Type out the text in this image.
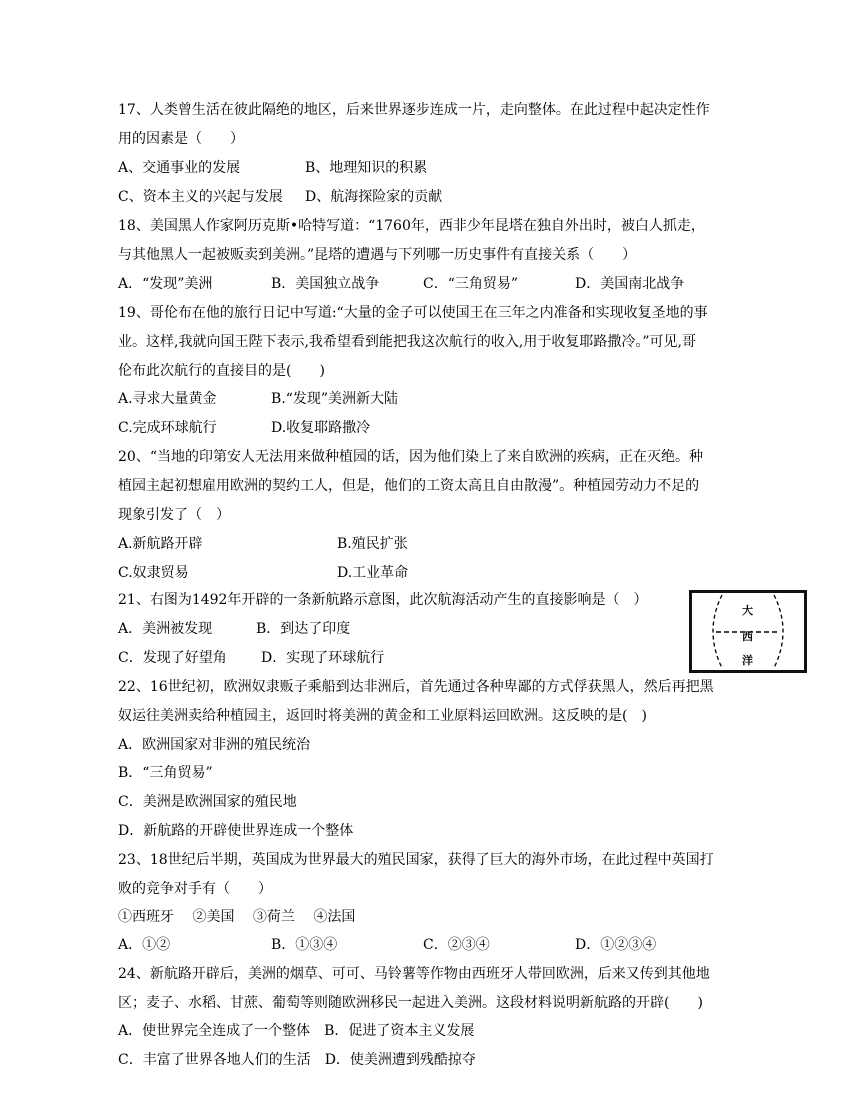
17、人类曾生活在彼此隔绝的地区，后来世界逐步连成一片，走向整体。在此过程中起决定性作
用的因素是（　　）
A、交通事业的发展	B、地理知识的积累
C、资本主义的兴起与发展 D、航海探险家的贡献
18、美国黑人作家阿历克斯•哈特写道：“1760年，西非少年昆塔在独自外出时，被白人抓走，
与其他黑人一起被贩卖到美洲。”昆塔的遭遇与下列哪一历史事件有直接关系（　　）
A．“发现”美洲	B．美国独立战争	C．“三角贸易”	D．美国南北战争
19、哥伦布在他的旅行日记中写道:“大量的金子可以使国王在三年之内准备和实现收复圣地的事
业。这样,我就向国王陛下表示,我希望看到能把我这次航行的收入,用于收复耶路撒冷。”可见,哥
伦布此次航行的直接目的是(　　)
A.寻求大量黄金	B.“发现”美洲新大陆
C.完成环球航行	D.收复耶路撒冷
20、“当地的印第安人无法用来做种植园的话，因为他们染上了来自欧洲的疾病，正在灭绝。种
植园主起初想雇用欧洲的契约工人，但是，他们的工资太高且自由散漫”。种植园劳动力不足的
现象引发了（　）
A.新航路开辟	B.殖民扩张
C.奴隶贸易	D.工业革命
21、右图为1492年开辟的一条新航路示意图，此次航海活动产生的直接影响是（　）
A．美洲被发现	B．到达了印度
C．发现了好望角 D．实现了环球航行
大
西
洋
22、16世纪初，欧洲奴隶贩子乘船到达非洲后，首先通过各种卑鄙的方式俘获黑人，然后再把黑
奴运往美洲卖给种植园主，返回时将美洲的黄金和工业原料运回欧洲。这反映的是(　)
A．欧洲国家对非洲的殖民统治
B．“三角贸易”
C．美洲是欧洲国家的殖民地
D．新航路的开辟使世界连成一个整体
23、18世纪后半期，英国成为世界最大的殖民国家，获得了巨大的海外市场，在此过程中英国打
败的竞争对手有（　　）
①西班牙　 ②美国　 ③荷兰　 ④法国
A．①②	B．①③④	C．②③④	D．①②③④
24、新航路开辟后，美洲的烟草、可可、马铃薯等作物由西班牙人带回欧洲，后来又传到其他地
区；麦子、水稻、甘蔗、葡萄等则随欧洲移民一起进入美洲。这段材料说明新航路的开辟(　　)
A．使世界完全连成了一个整体　B．促进了资本主义发展
C．丰富了世界各地人们的生活　D．使美洲遭到残酷掠夺
